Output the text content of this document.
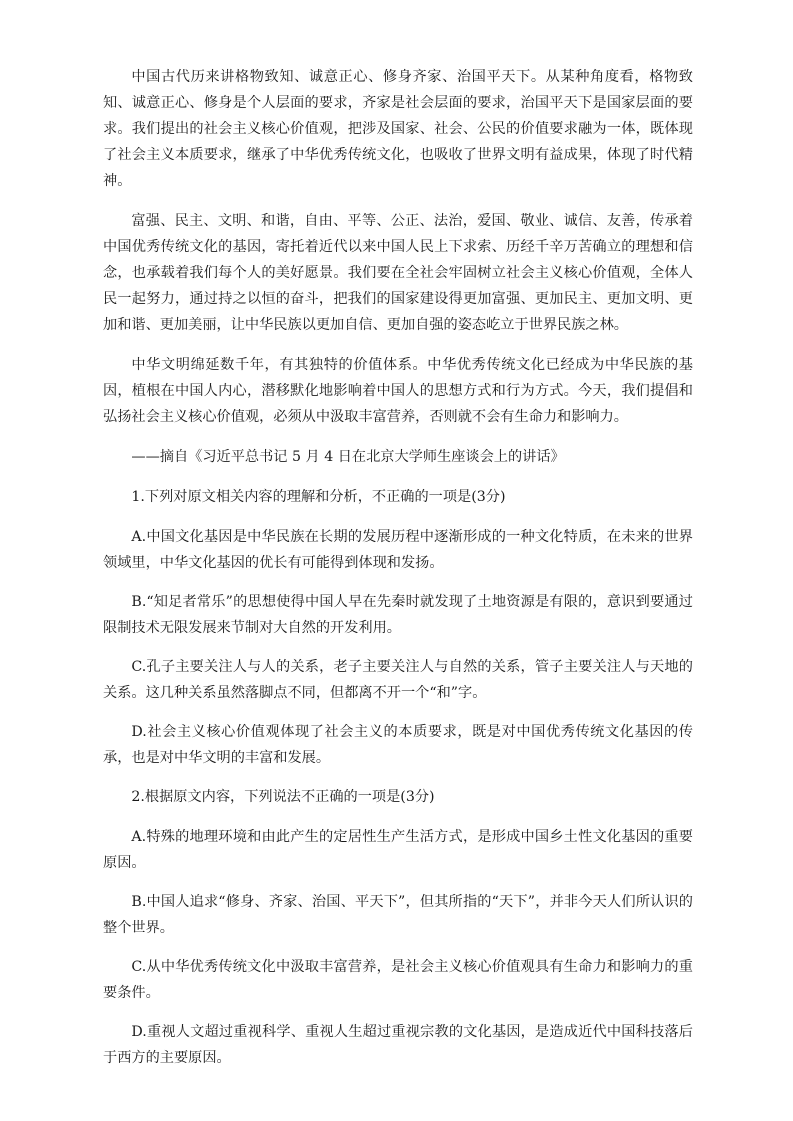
中国古代历来讲格物致知、诚意正心、修身齐家、治国平天下。从某种角度看，格物致知、诚意正心、修身是个人层面的要求，齐家是社会层面的要求，治国平天下是国家层面的要求。我们提出的社会主义核心价值观，把涉及国家、社会、公民的价值要求融为一体，既体现了社会主义本质要求，继承了中华优秀传统文化，也吸收了世界文明有益成果，体现了时代精神。

富强、民主、文明、和谐，自由、平等、公正、法治，爱国、敬业、诚信、友善，传承着中国优秀传统文化的基因，寄托着近代以来中国人民上下求索、历经千辛万苦确立的理想和信念，也承载着我们每个人的美好愿景。我们要在全社会牢固树立社会主义核心价值观，全体人民一起努力，通过持之以恒的奋斗，把我们的国家建设得更加富强、更加民主、更加文明、更加和谐、更加美丽，让中华民族以更加自信、更加自强的姿态屹立于世界民族之林。

中华文明绵延数千年，有其独特的价值体系。中华优秀传统文化已经成为中华民族的基因，植根在中国人内心，潜移默化地影响着中国人的思想方式和行为方式。今天，我们提倡和弘扬社会主义核心价值观，必须从中汲取丰富营养，否则就不会有生命力和影响力。

——摘自《习近平总书记 5 月 4 日在北京大学师生座谈会上的讲话》

1.下列对原文相关内容的理解和分析，不正确的一项是(3分)

A.中国文化基因是中华民族在长期的发展历程中逐渐形成的一种文化特质，在未来的世界领域里，中华文化基因的优长有可能得到体现和发扬。

B.“知足者常乐”的思想使得中国人早在先秦时就发现了土地资源是有限的，意识到要通过限制技术无限发展来节制对大自然的开发利用。

C.孔子主要关注人与人的关系，老子主要关注人与自然的关系，管子主要关注人与天地的关系。这几种关系虽然落脚点不同，但都离不开一个“和”字。

D.社会主义核心价值观体现了社会主义的本质要求，既是对中国优秀传统文化基因的传承，也是对中华文明的丰富和发展。

2.根据原文内容，下列说法不正确的一项是(3分)

A.特殊的地理环境和由此产生的定居性生产生活方式，是形成中国乡土性文化基因的重要原因。

B.中国人追求“修身、齐家、治国、平天下”，但其所指的“天下”，并非今天人们所认识的整个世界。

C.从中华优秀传统文化中汲取丰富营养，是社会主义核心价值观具有生命力和影响力的重要条件。

D.重视人文超过重视科学、重视人生超过重视宗教的文化基因，是造成近代中国科技落后于西方的主要原因。
